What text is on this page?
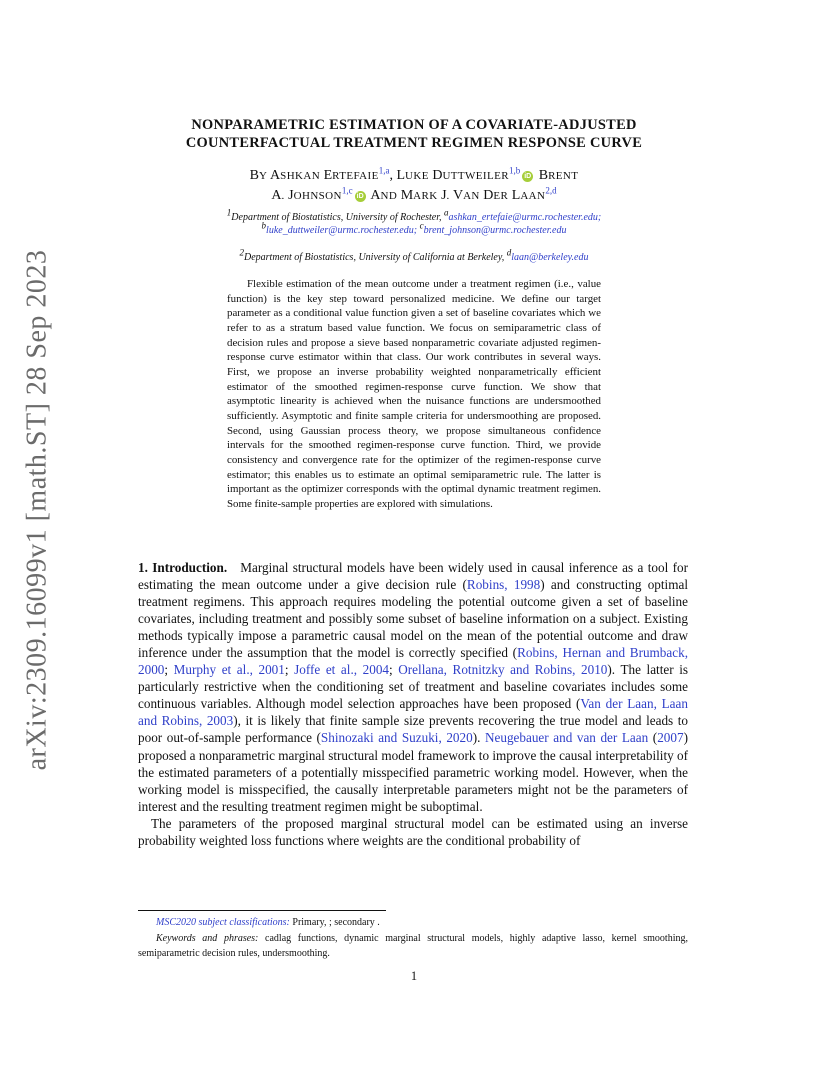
arXiv:2309.16099v1 [math.ST] 28 Sep 2023
NONPARAMETRIC ESTIMATION OF A COVARIATE-ADJUSTED
COUNTERFACTUAL TREATMENT REGIMEN RESPONSE CURVE
BY ASHKAN ERTEFAIE$^{1,a}$, LUKE DUTTWEILER$^{1,b}$iD BRENT
A. JOHNSON$^{1,c}$iD AND MARK J. VAN DER LAAN$^{2,d}$
$^1$Department of Biostatistics, University of Rochester, $^a$ashkan_ertefaie@urmc.rochester.edu;
$^b$luke_duttweiler@urmc.rochester.edu; $^c$brent_johnson@urmc.rochester.edu
$^2$Department of Biostatistics, University of California at Berkeley, $^d$laan@berkeley.edu
Flexible estimation of the mean outcome under a treatment regimen (i.e., value function) is the key step toward personalized medicine. We define our target parameter as a conditional value function given a set of baseline covariates which we refer to as a stratum based value function. We focus on semiparametric class of decision rules and propose a sieve based nonparametric covariate adjusted regimen-response curve estimator within that class. Our work contributes in several ways. First, we propose an inverse probability weighted nonparametrically efficient estimator of the smoothed regimen-response curve function. We show that asymptotic linearity is achieved when the nuisance functions are undersmoothed sufficiently. Asymptotic and finite sample criteria for undersmoothing are proposed. Second, using Gaussian process theory, we propose simultaneous confidence intervals for the smoothed regimen-response curve function. Third, we provide consistency and convergence rate for the optimizer of the regimen-response curve estimator; this enables us to estimate an optimal semiparametric rule. The latter is important as the optimizer corresponds with the optimal dynamic treatment regimen. Some finite-sample properties are explored with simulations.

1. Introduction. Marginal structural models have been widely used in causal inference as a tool for estimating the mean outcome under a give decision rule (Robins, 1998) and constructing optimal treatment regimens. This approach requires modeling the potential outcome given a set of baseline covariates, including treatment and possibly some subset of baseline information on a subject. Existing methods typically impose a parametric causal model on the mean of the potential outcome and draw inference under the assumption that the model is correctly specified (Robins, Hernan and Brumback, 2000; Murphy et al., 2001; Joffe et al., 2004; Orellana, Rotnitzky and Robins, 2010). The latter is particularly restrictive when the conditioning set of treatment and baseline covariates includes some continuous variables. Although model selection approaches have been proposed (Van der Laan, Laan and Robins, 2003), it is likely that finite sample size prevents recovering the true model and leads to poor out-of-sample performance (Shinozaki and Suzuki, 2020). Neugebauer and van der Laan (2007) proposed a nonparametric marginal structural model framework to improve the causal interpretability of the estimated parameters of a potentially misspecified parametric working model. However, when the working model is misspecified, the causally interpretable parameters might not be the parameters of interest and the resulting treatment regimen might be suboptimal.

The parameters of the proposed marginal structural model can be estimated using an inverse probability weighted loss functions where weights are the conditional probability of

MSC2020 subject classifications: Primary, ; secondary .

Keywords and phrases: cadlag functions, dynamic marginal structural models, highly adaptive lasso, kernel smoothing, semiparametric decision rules, undersmoothing.

1
